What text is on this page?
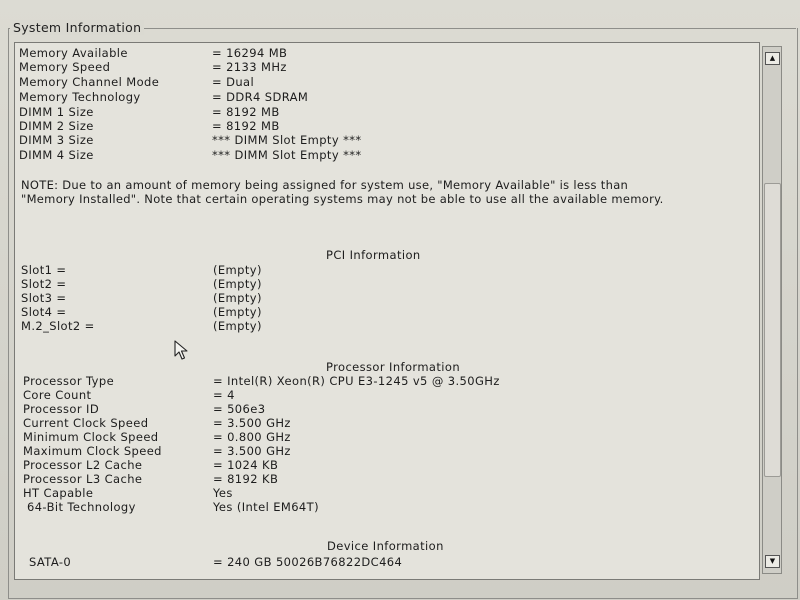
System Information
Memory Available	= 16294 MB
Memory Speed	= 2133 MHz
Memory Channel Mode	= Dual
Memory Technology	= DDR4 SDRAM
DIMM 1 Size	= 8192 MB
DIMM 2 Size	= 8192 MB
DIMM 3 Size	*** DIMM Slot Empty ***
DIMM 4 Size	*** DIMM Slot Empty ***
NOTE: Due to an amount of memory being assigned for system use, "Memory Available" is less than "Memory Installed". Note that certain operating systems may not be able to use all the available memory.
PCI Information
Slot1 =	(Empty)
Slot2 =	(Empty)
Slot3 =	(Empty)
Slot4 =	(Empty)
M.2_Slot2 =	(Empty)
Processor Information
Processor Type	= Intel(R) Xeon(R) CPU E3-1245 v5 @ 3.50GHz
Core Count	= 4
Processor ID	= 506e3
Current Clock Speed	= 3.500 GHz
Minimum Clock Speed	= 0.800 GHz
Maximum Clock Speed	= 3.500 GHz
Processor L2 Cache	= 1024 KB
Processor L3 Cache	= 8192 KB
HT Capable	Yes
64-Bit Technology	Yes (Intel EM64T)
Device Information
SATA-0	= 240 GB 50026B76822DC464
▲
▼
